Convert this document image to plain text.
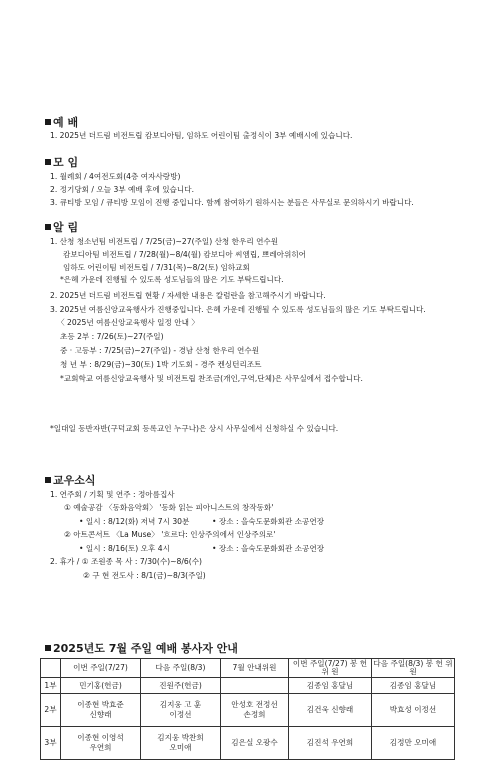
예 배
1. 2025년 더드림 비전트립 캄보디아팀, 임하도 어린이팀 출정식이 3부 예배시에 있습니다.
모 임
1. 월례회 / 4여전도회(4층 여자사랑방)
2. 정기당회 / 오늘 3부 예배 후에 있습니다.
3. 큐티방 모임 / 큐티방 모임이 진행 중입니다. 함께 참여하기 원하시는 분들은 사무실로 문의하시기 바랍니다.
알 림
1. 산청 청소년팀 비전트립 / 7/25(금)~27(주일) 산청 한우리 연수원
캄보디아팀 비전트립 / 7/28(월)~8/4(월) 캄보디아 씨엠립, 쁘레아위히어
임하도 어린이팀 비전트립 / 7/31(목)~8/2(토) 임하교회
*은혜 가운데 진행될 수 있도록 성도님들의 많은 기도 부탁드립니다.
2. 2025년 더드림 비전트립 현황 / 자세한 내용은 칼럼란을 참고해주시기 바랍니다.
3. 2025년 여름신앙교육행사가 진행중입니다. 은혜 가운데 진행될 수 있도록 성도님들의 많은 기도 부탁드립니다.
〈 2025년 여름신앙교육행사 일정 안내 〉
초등 2부 : 7/26(토)~27(주일)
중 · 고등부 : 7/25(금)~27(주일) - 경남 산청 한우리 연수원
청 년 부 : 8/29(금)~30(토) 1박 기도회 - 경주 켄싱턴리조트
*교회학교 여름신앙교육행사 및 비전트립 찬조금(개인,구역,단체)은 사무실에서 접수합니다.
*일대일 동반자반(구덕교회 등록교인 누구나)은 상시 사무실에서 신청하실 수 있습니다.
교우소식
1. 연주회 / 기획 및 연주 : 정아름집사
① 예술공감 〈동화음악회〉 '동화 읽는 피아니스트의 창작동화'
• 일시 : 8/12(화) 저녁 7시 30분	• 장소 : 을숙도문화회관 소공연장
② 아트콘서트 〈La Muse〉 '흐르다: 인상주의에서 인상주의로'
• 일시 : 8/16(토) 오후 4시	• 장소 : 을숙도문화회관 소공연장
2. 휴가 / ① 조원종 목 사 : 7/30(수)~8/6(수)
② 구 현 전도사 : 8/1(금)~8/3(주일)
2025년도 7월 주일 예배 봉사자 안내
	이번 주일(7/27)	다음 주일(8/3)	7월 안내위원	이번 주일(7/27) 봉 헌 위 원	다음 주일(8/3) 봉 헌 위 원
1부	민기홍(헌금)	진원주(헌금)		김종임 홍달님	김종임 홍달님
2부	이종현 박효준 신향래	김지웅 고 훈 이정선	안성호 전정선 손정희	김건욱 신향래	박효성 이정선
3부	이종현 이영석 우연희	김지웅 박찬희 오미애	김은실 오광수	김진석 우연희	김정만 오미애
